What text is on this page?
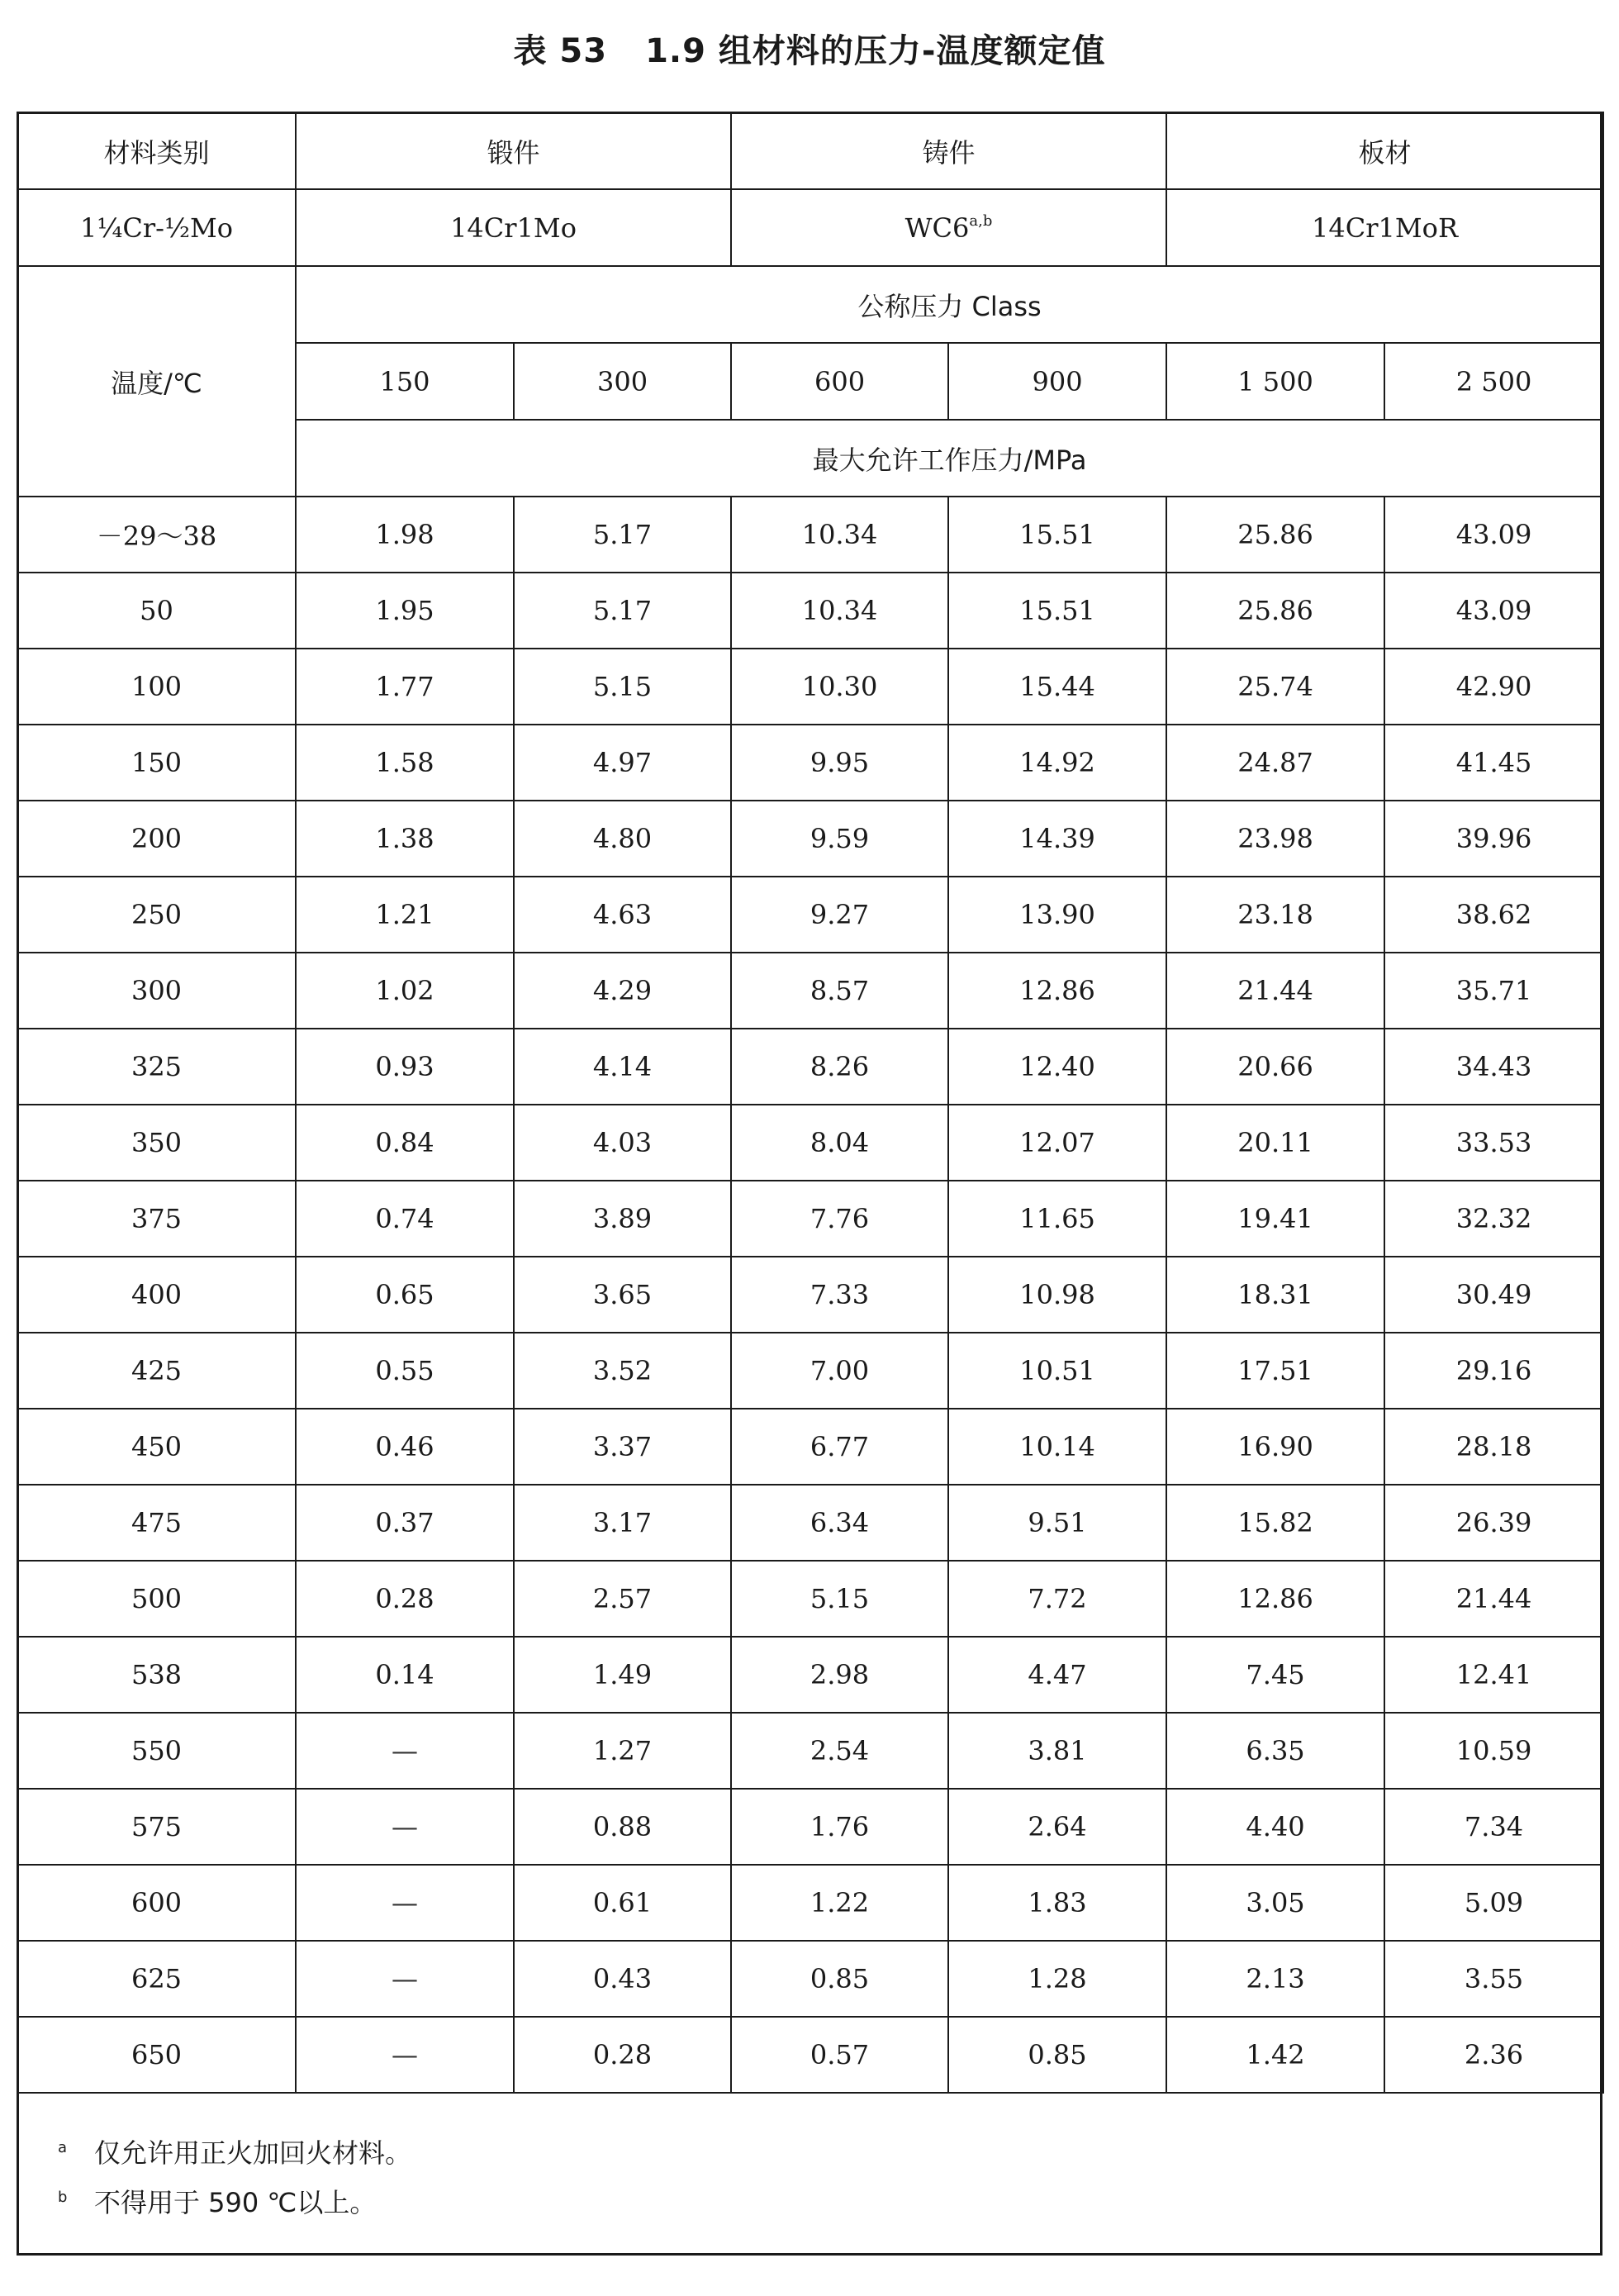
表 53 1.9 组材料的压力-温度额定值
材料类别	锻件		铸件		板材	
1¼Cr-½Mo	14Cr1Mo		WC6$^{a,b}$		14Cr1MoR	
温度/℃	公称压力 Class					
	150	300	600	900	1 500	2 500
	最大允许工作压力/MPa					
－29～38	1.98	5.17	10.34	15.51	25.86	43.09
50	1.95	5.17	10.34	15.51	25.86	43.09
100	1.77	5.15	10.30	15.44	25.74	42.90
150	1.58	4.97	9.95	14.92	24.87	41.45
200	1.38	4.80	9.59	14.39	23.98	39.96
250	1.21	4.63	9.27	13.90	23.18	38.62
300	1.02	4.29	8.57	12.86	21.44	35.71
325	0.93	4.14	8.26	12.40	20.66	34.43
350	0.84	4.03	8.04	12.07	20.11	33.53
375	0.74	3.89	7.76	11.65	19.41	32.32
400	0.65	3.65	7.33	10.98	18.31	30.49
425	0.55	3.52	7.00	10.51	17.51	29.16
450	0.46	3.37	6.77	10.14	16.90	28.18
475	0.37	3.17	6.34	9.51	15.82	26.39
500	0.28	2.57	5.15	7.72	12.86	21.44
538	0.14	1.49	2.98	4.47	7.45	12.41
550	—	1.27	2.54	3.81	6.35	10.59
575	—	0.88	1.76	2.64	4.40	7.34
600	—	0.61	1.22	1.83	3.05	5.09
625	—	0.43	0.85	1.28	2.13	3.55
650	—	0.28	0.57	0.85	1.42	2.36
a 仅允许用正火加回火材料。
b 不得用于 590 ℃以上。
